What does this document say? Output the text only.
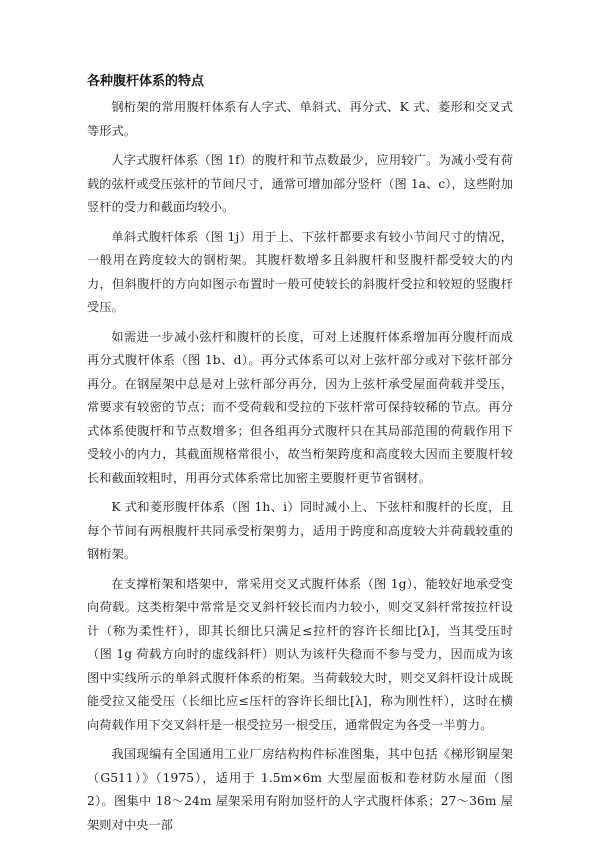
各种腹杆体系的特点

钢桁架的常用腹杆体系有人字式、单斜式、再分式、K 式、菱形和交叉式等形式。

人字式腹杆体系（图 1f）的腹杆和节点数最少，应用较广。为减小受有荷载的弦杆或受压弦杆的节间尺寸，通常可增加部分竖杆（图 1a、c），这些附加竖杆的受力和截面均较小。

单斜式腹杆体系（图 1j）用于上、下弦杆都要求有较小节间尺寸的情况，一般用在跨度较大的钢桁架。其腹杆数增多且斜腹杆和竖腹杆都受较大的内力，但斜腹杆的方向如图示布置时一般可使较长的斜腹杆受拉和较短的竖腹杆受压。

如需进一步减小弦杆和腹杆的长度，可对上述腹杆体系增加再分腹杆而成再分式腹杆体系（图 1b、d）。再分式体系可以对上弦杆部分或对下弦杆部分再分。在钢屋架中总是对上弦杆部分再分，因为上弦杆承受屋面荷载并受压，常要求有较密的节点；而不受荷载和受拉的下弦杆常可保持较稀的节点。再分式体系使腹杆和节点数增多；但各组再分式腹杆只在其局部范围的荷载作用下受较小的内力，其截面规格常很小，故当桁架跨度和高度较大因而主要腹杆较长和截面较粗时，用再分式体系常比加密主要腹杆更节省钢材。

K 式和菱形腹杆体系（图 1h、i）同时减小上、下弦杆和腹杆的长度，且每个节间有两根腹杆共同承受桁架剪力，适用于跨度和高度较大并荷载较重的钢桁架。

在支撑桁架和塔架中，常采用交叉式腹杆体系（图 1g），能较好地承受变向荷载。这类桁架中常常是交叉斜杆较长而内力较小，则交叉斜杆常按拉杆设计（称为柔性杆），即其长细比只满足≤拉杆的容许长细比[λ]，当其受压时（图 1g 荷载方向时的虚线斜杆）则认为该杆失稳而不参与受力，因而成为该图中实线所示的单斜式腹杆体系的桁架。当荷载较大时，则交叉斜杆设计成既能受拉又能受压（长细比应≤压杆的容许长细比[λ]，称为刚性杆），这时在横向荷载作用下交叉斜杆是一根受拉另一根受压，通常假定为各受一半剪力。

我国现编有全国通用工业厂房结构构件标准图集，其中包括《梯形钢屋架（G511）》（1975），适用于 1.5m×6m 大型屋面板和卷材防水屋面（图 2）。图集中 18～24m 屋架采用有附加竖杆的人字式腹杆体系；27～36m 屋架则对中央一部
